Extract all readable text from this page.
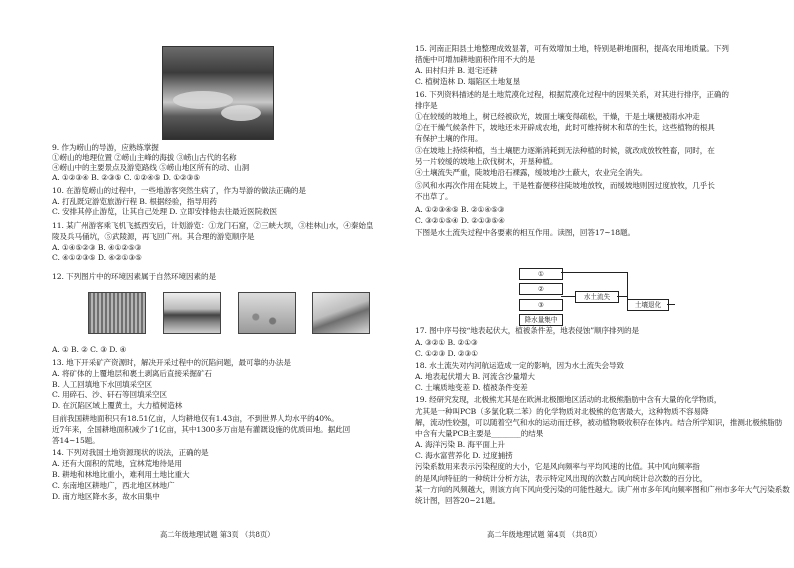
9. 作为崂山的导游，应熟练掌握
①崂山的地理位置 ②崂山主峰的海拔 ③崂山古代的名称
④崂山中的主要景点及游览路线 ⑤崂山地区所有的动、山洞
A. ①②③④ B. ②③⑤ C. ①②④⑤ D. ①②③⑤
10. 在游览崂山的过程中，一些地游客突然生病了，作为导游的做法正确的是
A. 打乱既定游览旅游行程 B. 根据经验，指导用药
C. 安排其停止游览，让其自己处理 D. 立即安排他去往最近医院救医
11. 某广州游客乘飞机飞抵西安后，计划游览：①龙门石窟，②三峡大坝，③桂林山水，④秦始皇
陵及兵马俑坑，⑤武陵源，再飞回广州。其合理的游览顺序是
A. ①④⑤②③ B. ④①②⑤③
C. ④①②③⑤ D. ④②①③⑤
12. 下列图片中的环境因素属于自然环境因素的是
A. ① B. ② C. ③ D. ④
13. 地下开采矿产资源时，解决开采过程中的沉陷问题，最可靠的办法是
A. 将矿体的上覆地层和裹土剥离后直接采掘矿石
B. 人工回填地下水回填采空区
C. 用碎石、沙、矸石等回填采空区
D. 在沉陷区域上覆黄土，大力植树造林
目前我国耕地面积只有18.51亿亩，人均耕地仅有1.43亩，不到世界人均水平的40%。
近7年来，全国耕地面积减少了1亿亩，其中1300多万亩是有灌溉设施的优质田地。据此回
答14~15题。
14. 下列对我国土地资源现状的说法，正确的是
A. 还有大面积的荒地，宜林荒地待是用
B. 耕地和林地比重小，难利用土地比重大
C. 东南地区耕地广，西北地区林地广
D. 南方地区降水多，故水田集中
高二年级地理试题 第3页 （共8页）
15. 河南正阳县土地整理成效显著，可有效增加土地，特别是耕地面积，提高农用地质量。下列
措施中可增加耕地面积作用不大的是
A. 田村归并 B. 退宅还耕
C. 植树造林 D. 塌陷区土地复垦
16. 下列资料描述的是土地荒漠化过程，根据荒漠化过程中的因果关系，对其进行排序，正确的
排序是
①在较缓的坡地上，树已经被砍光，坡面土壤变得疏松，干燥，干是土壤便被雨水冲走
②在干燥气候条件下，坡地还未开辟成农地，此时可维持树木和草的生长，这些植物的根具
有保护土壤的作用。
③在坡地上持续种植，当土壤肥力逐渐消耗到无法种植的时候，就改成放牧牲畜，同时，在
另一片较缓的坡地上砍伐树木，开垦种植。
④土壤流失严重，陡坡地沿石裸露，缓坡地沙土蔽大，农业完全消失。
⑤风和水再次作用在陡坡上，干是牲畜便移往陡坡地放牧，而缓坡地则因过度放牧，几乎长
不出草了。
A. ①②③④⑤ B. ②①④⑤③
C. ③②①⑤④ D. ②①③⑤④
下图是水土流失过程中各要素的相互作用。读图，回答17~18题。
17. 图中序号按“地表起伏大，植被条件差，地表侵蚀”顺序排列的是
A. ③②① B. ②①③
C. ①②③ D. ②③①
18. 水土流失对内河航运造成一定的影响，因为水土流失会导致
A. 地表起伏增大 B. 河流含沙量增大
C. 土壤质地变差 D. 植被条件变差
19. 经研究发现，北极熊尤其是在欧洲北极圈地区活动的北极熊脂肪中含有大量的化学物质，
尤其是一种叫PCB（多氯化联二苯）的化学物质对北极熊的危害最大，这种物质不容易降
解，流动性较强，可以随着空气和水的运动而迁移，被动植物吸收积存在体内。结合所学知识，推测北极熊脂肪
中含有大量PCB主要是________的结果
A. 海洋污染 B. 海平面上升
C. 海水富营养化 D. 过度捕捞
污染系数用来表示污染程度的大小，它是风向频率与平均风速的比值。其中风向频率指
的是风向特征的一种统计分析方法，表示特定风出现的次数占风向统计总次数的百分比，
某一方向的风频越大，则该方向下风向受污染的可能性越大。读广州市多年风向频率图和广州市多年大气污染系数
统计图，回答20~21题。
①
②
③
降水量集中
水土流失
土壤退化
高二年级地理试题 第4页 （共8页）
